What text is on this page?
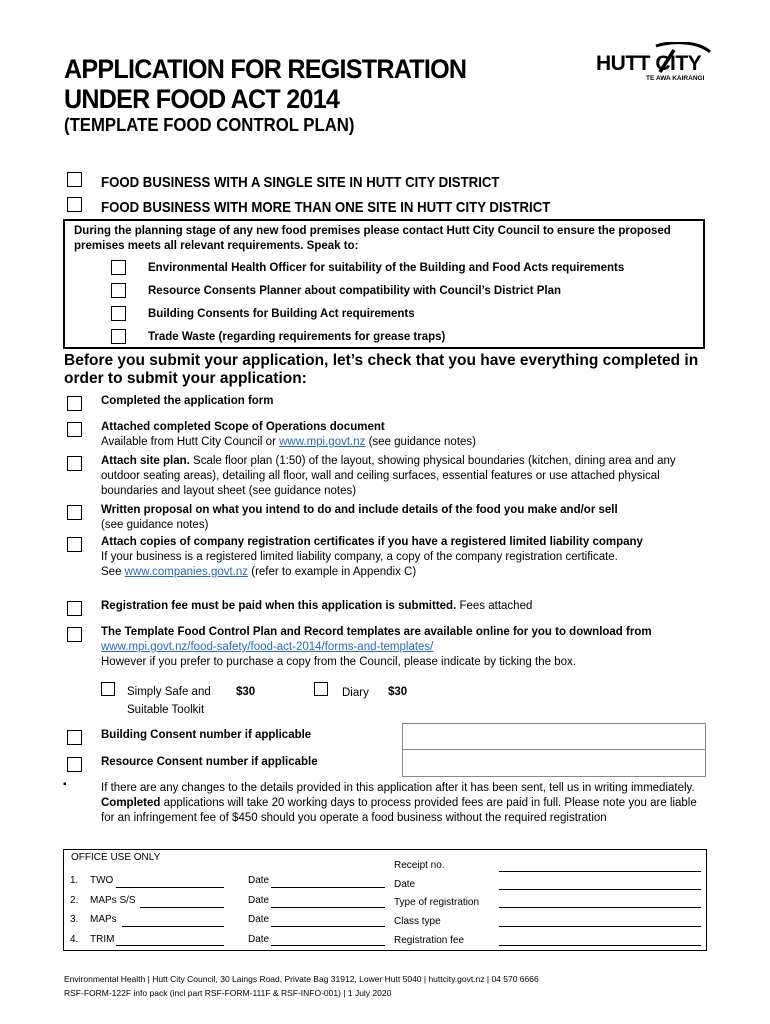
APPLICATION FOR REGISTRATION
UNDER FOOD ACT 2014
(TEMPLATE FOOD CONTROL PLAN)
HUTT CITY
TE AWA KAIRANGI
FOOD BUSINESS WITH A SINGLE SITE IN HUTT CITY DISTRICT
FOOD BUSINESS WITH MORE THAN ONE SITE IN HUTT CITY DISTRICT
During the planning stage of any new food premises please contact Hutt City Council to ensure the proposed premises meets all relevant requirements. Speak to:
Environmental Health Officer for suitability of the Building and Food Acts requirements
Resource Consents Planner about compatibility with Council’s District Plan
Building Consents for Building Act requirements
Trade Waste (regarding requirements for grease traps)
Before you submit your application, let’s check that you have everything completed in order to submit your application:
Completed the application form
Attached completed Scope of Operations document
Available from Hutt City Council or www.mpi.govt.nz (see guidance notes)
Attach site plan. Scale floor plan (1:50) of the layout, showing physical boundaries (kitchen, dining area and any outdoor seating areas), detailing all floor, wall and ceiling surfaces, essential features or use attached physical boundaries and layout sheet (see guidance notes)
Written proposal on what you intend to do and include details of the food you make and/or sell
(see guidance notes)
Attach copies of company registration certificates if you have a registered limited liability company
If your business is a registered limited liability company, a copy of the company registration certificate.
See www.companies.govt.nz (refer to example in Appendix C)
Registration fee must be paid when this application is submitted. Fees attached
The Template Food Control Plan and Record templates are available online for you to download from www.mpi.govt.nz/food-safety/food-act-2014/forms-and-templates/
However if you prefer to purchase a copy from the Council, please indicate by ticking the box.
Simply Safe and
Suitable Toolkit
$30	Diary $30
Building Consent number if applicable
Resource Consent number if applicable
▪	If there are any changes to the details provided in this application after it has been sent, tell us in writing immediately. Completed applications will take 20 working days to process provided fees are paid in full. Please note you are liable for an infringement fee of $450 should you operate a food business without the required registration
OFFICE USE ONLY
1. TWO	Date
2. MAPs S/S	Date
3. MAPs	Date
4. TRIM	Date
Receipt no.
Date
Type of registration
Class type
Registration fee
Environmental Health | Hutt City Council, 30 Laings Road, Private Bag 31912, Lower Hutt 5040 | huttcity.govt.nz | 04 570 6666
RSF-FORM-122F info pack (incl part RSF-FORM-111F & RSF-INFO-001) | 1 July 2020
